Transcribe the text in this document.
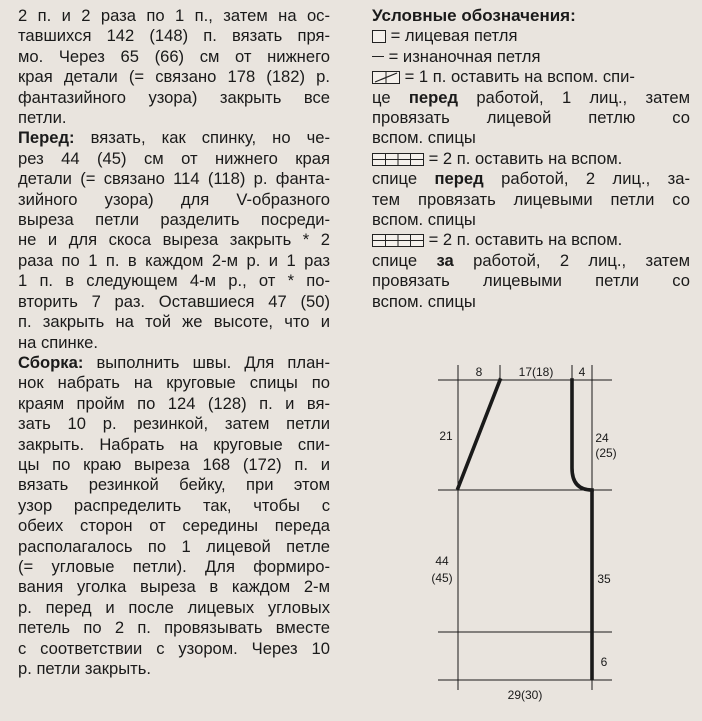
2 п. и 2 раза по 1 п., затем на ос-
тавшихся 142 (148) п. вязать пря-
мо. Через 65 (66) см от нижнего
края детали (= связано 178 (182) р.
фантазийного узора) закрыть все
петли.
Перед: вязать, как спинку, но че-
рез 44 (45) см от нижнего края
детали (= связано 114 (118) р. фанта-
зийного узора) для V-образного
выреза петли разделить посреди-
не и для скоса выреза закрыть * 2
раза по 1 п. в каждом 2-м р. и 1 раз
1 п. в следующем 4-м р., от * по-
вторить 7 раз. Оставшиеся 47 (50)
п. закрыть на той же высоте, что и
на спинке.
Сборка: выполнить швы. Для план-
нок набрать на круговые спицы по
краям пройм по 124 (128) п. и вя-
зать 10 р. резинкой, затем петли
закрыть. Набрать на круговые спи-
цы по краю выреза 168 (172) п. и
вязать резинкой бейку, при этом
узор распределить так, чтобы с
обеих сторон от середины переда
располагалось по 1 лицевой петле
(= угловые петли). Для формиро-
вания уголка выреза в каждом 2-м
р. перед и после лицевых угловых
петель по 2 п. провязывать вместе
с соответствии с узором. Через 10
р. петли закрыть.
Условные обозначения:
= лицевая петля
= изнаночная петля
= 1 п. оставить на вспом. спи-
це перед работой, 1 лиц., затем
провязать лицевой петлю со
вспом. спицы
= 2 п. оставить на вспом.
спице перед работой, 2 лиц., за-
тем провязать лицевыми петли со
вспом. спицы
= 2 п. оставить на вспом.
спице за работой, 2 лиц., затем
провязать лицевыми петли со
вспом. спицы
8	17(18) 4
21
44
(45)
24
(25)
35
6
29(30)
